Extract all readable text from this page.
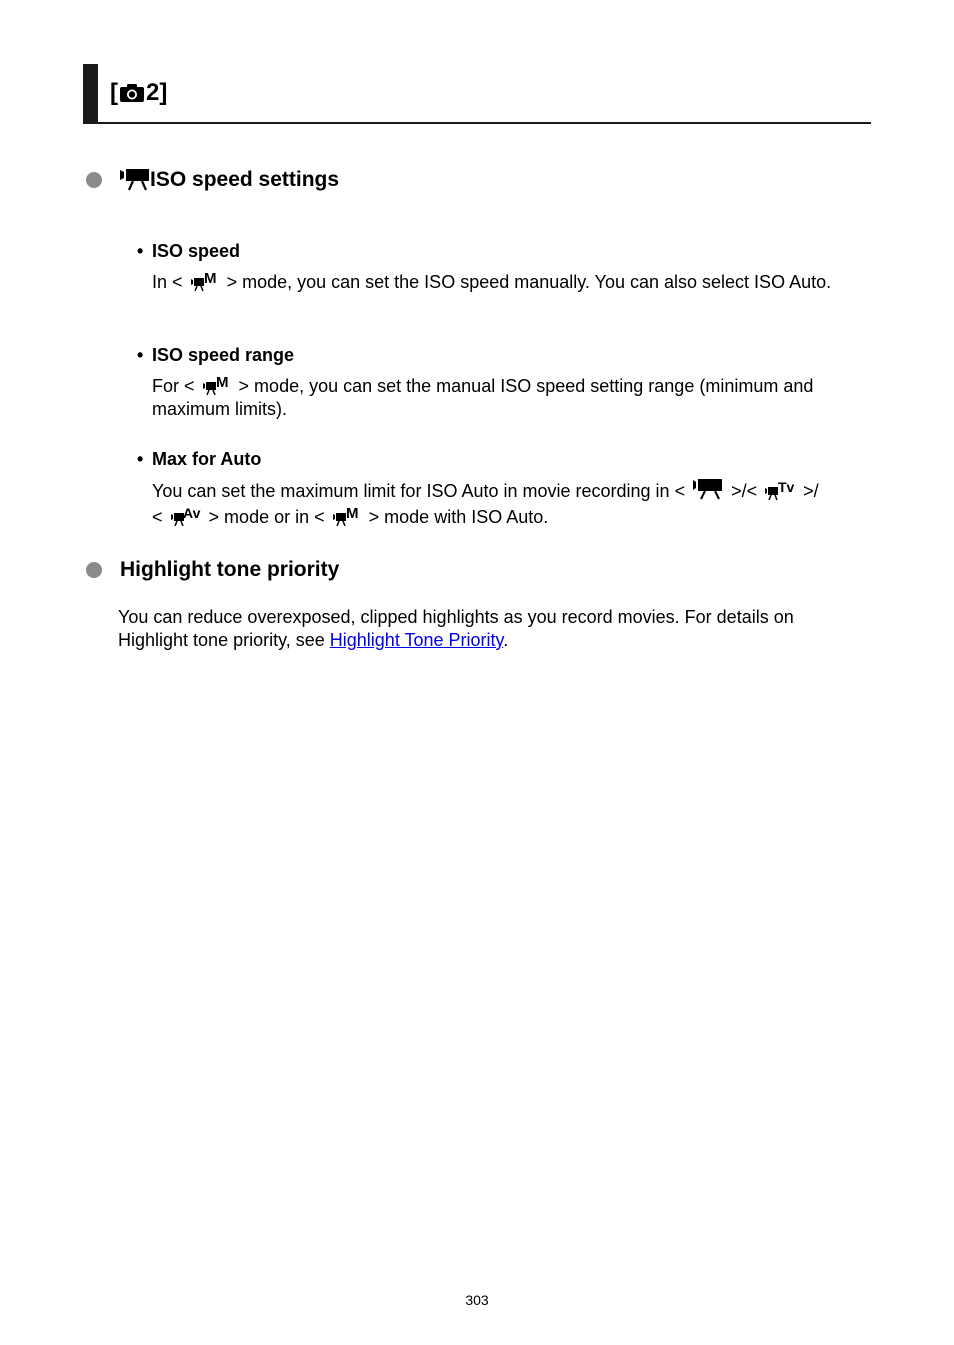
[ 2 ]
ISO speed settings
• ISO speed
In < M > mode, you can set the ISO speed manually. You can also select ISO Auto.
• ISO speed range
For < M > mode, you can set the manual ISO speed setting range (minimum and maximum limits).
• Max for Auto
You can set the maximum limit for ISO Auto in movie recording in <	>/< Tv >/
< Av > mode or in < M > mode with ISO Auto.
Highlight tone priority
You can reduce overexposed, clipped highlights as you record movies. For details on Highlight tone priority, see Highlight Tone Priority.
303
